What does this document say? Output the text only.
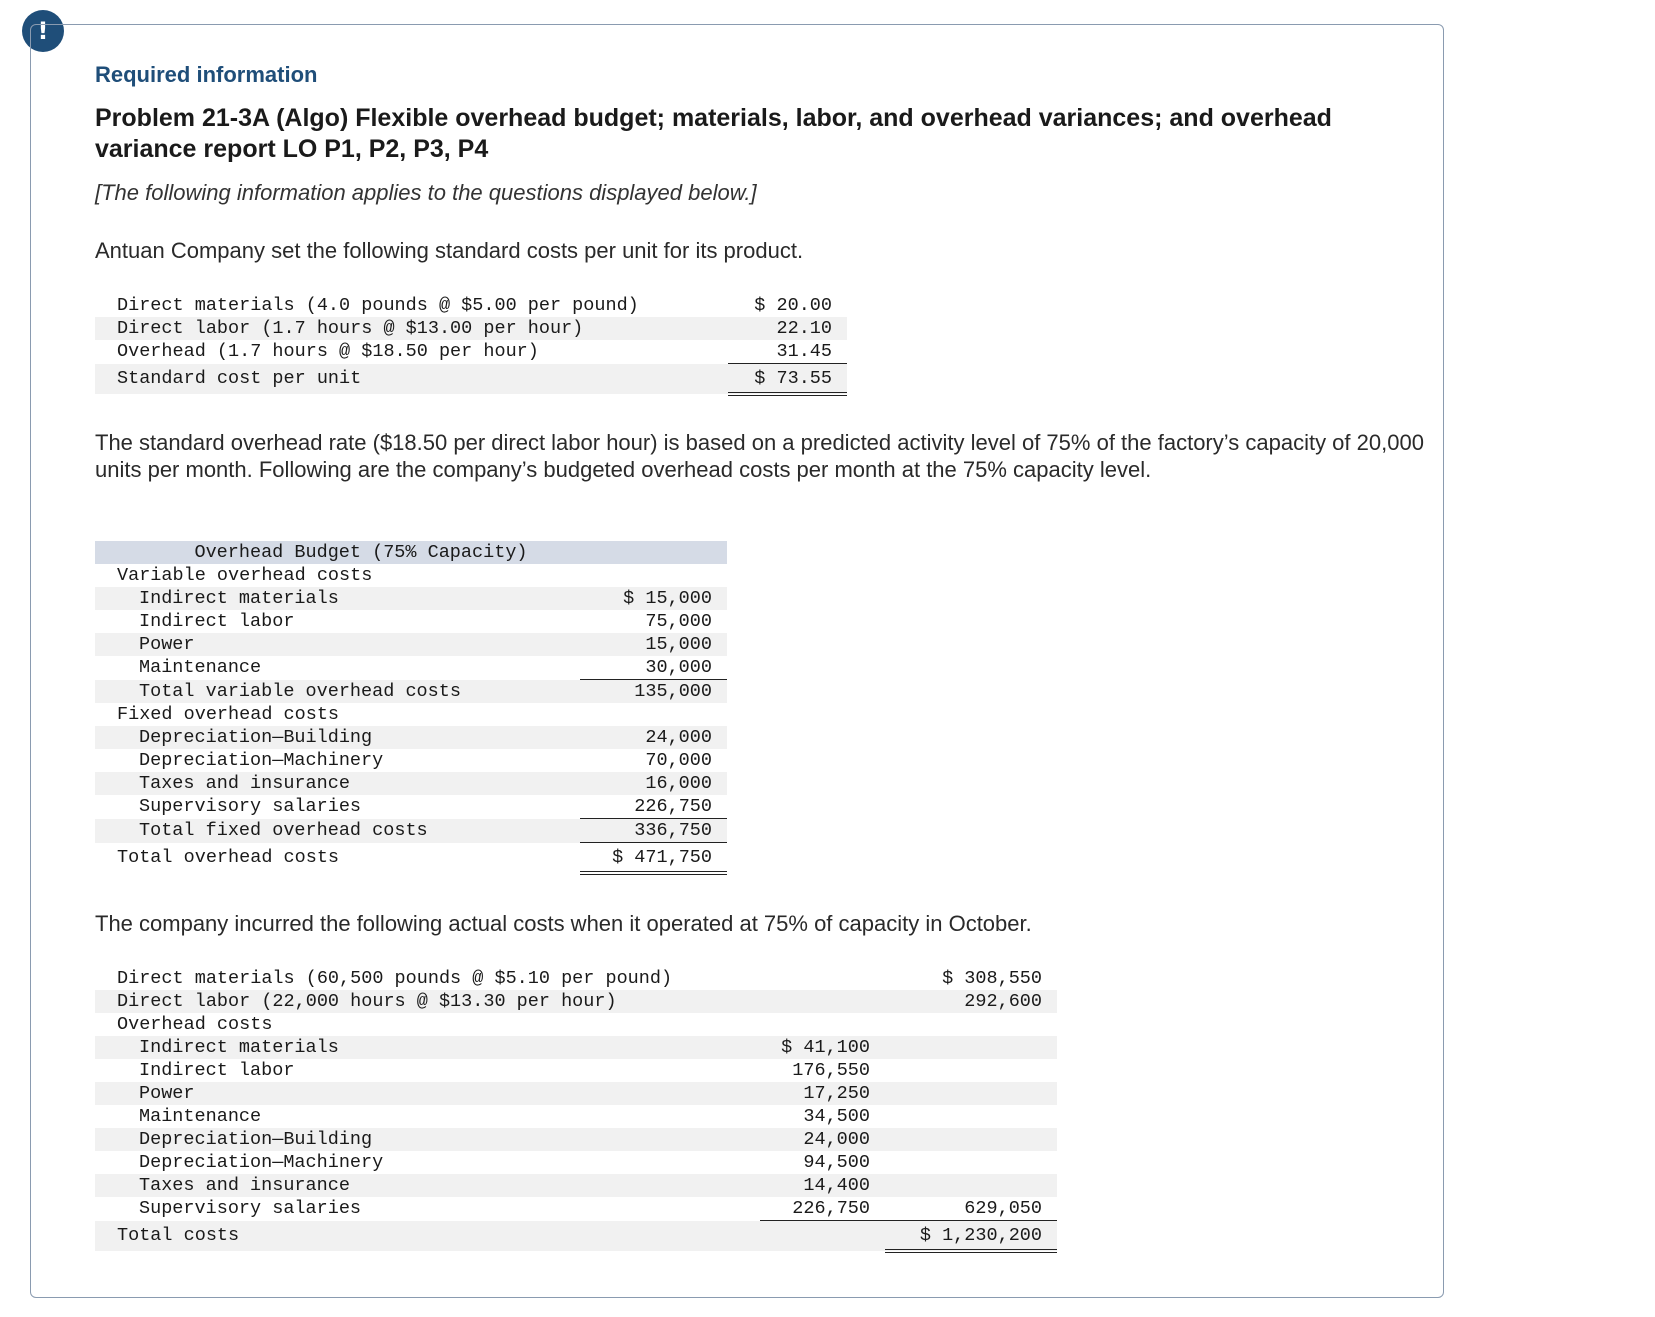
!

Required information

Problem 21-3A (Algo) Flexible overhead budget; materials, labor, and overhead variances; and overhead variance report LO P1, P2, P3, P4

[The following information applies to the questions displayed below.]

Antuan Company set the following standard costs per unit for its product.

Direct materials (4.0 pounds @ $5.00 per pound)	$ 20.00
Direct labor (1.7 hours @ $13.00 per hour)	22.10
Overhead (1.7 hours @ $18.50 per hour)	31.45
Standard cost per unit	$ 73.55

The standard overhead rate ($18.50 per direct labor hour) is based on a predicted activity level of 75% of the factory’s capacity of 20,000 units per month. Following are the company’s budgeted overhead costs per month at the 75% capacity level.

Overhead Budget (75% Capacity)	
Variable overhead costs	
Indirect materials	$ 15,000
Indirect labor	75,000
Power	15,000
Maintenance	30,000
Total variable overhead costs	135,000
Fixed overhead costs	
Depreciation—Building	24,000
Depreciation—Machinery	70,000
Taxes and insurance	16,000
Supervisory salaries	226,750
Total fixed overhead costs	336,750
Total overhead costs	$ 471,750

The company incurred the following actual costs when it operated at 75% of capacity in October.

Direct materials (60,500 pounds @ $5.10 per pound)		$ 308,550
Direct labor (22,000 hours @ $13.30 per hour)		292,600
Overhead costs		
Indirect materials	$ 41,100	
Indirect labor	176,550	
Power	17,250	
Maintenance	34,500	
Depreciation—Building	24,000	
Depreciation—Machinery	94,500	
Taxes and insurance	14,400	
Supervisory salaries	226,750	629,050
Total costs		$ 1,230,200
